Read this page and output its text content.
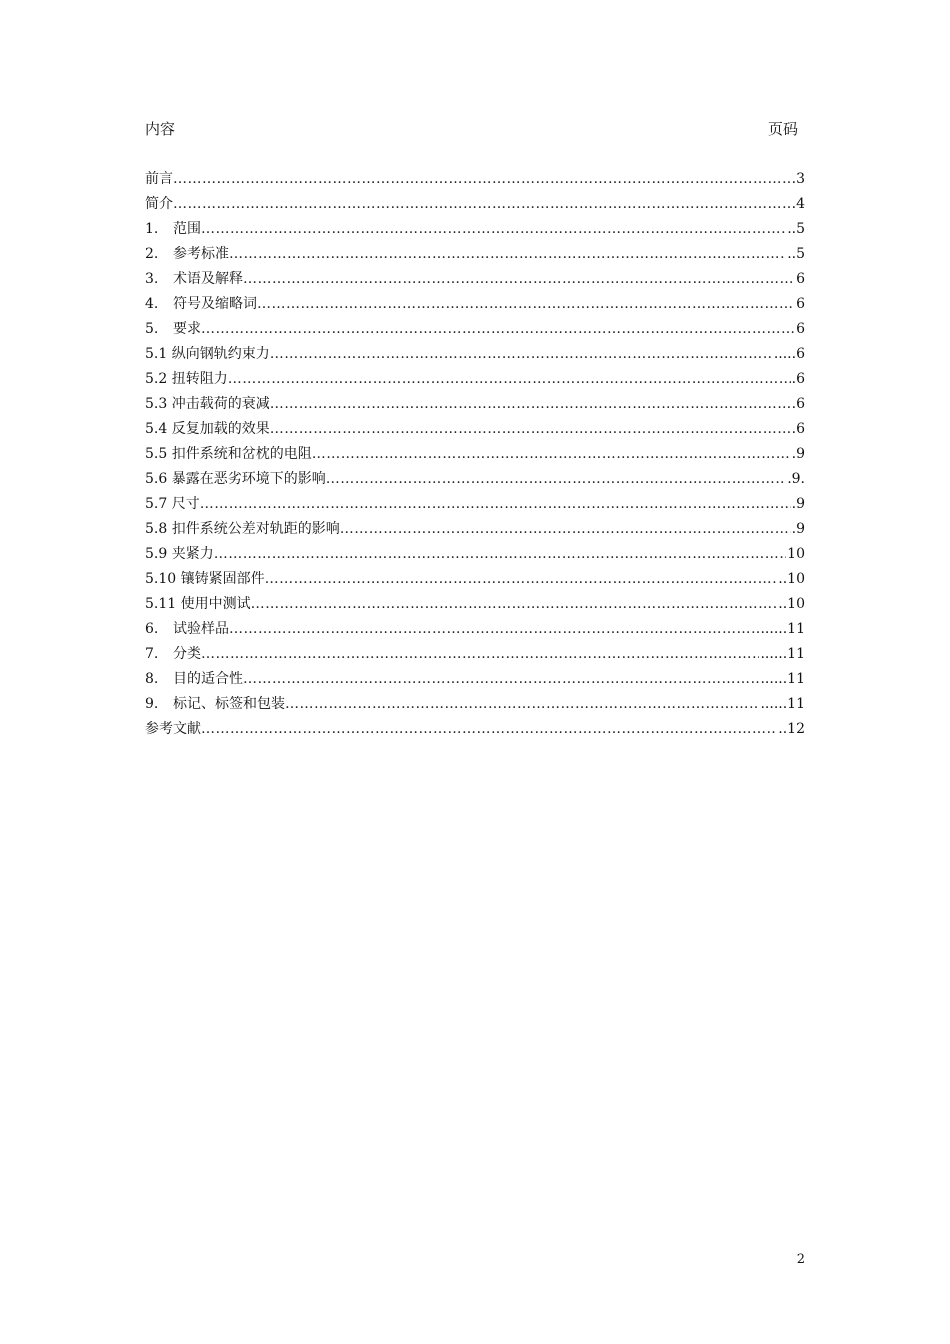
内容	页码
前言 ……………………………………………………………………………………………………………………………………………………………………………………………………………………………………	.3
简介 ……………………………………………………………………………………………………………………………………………………………………………………………………………………………………	.4
1. 范围 ……………………………………………………………………………………………………………………………………………………………………………………………………………………………………	..5
2. 参考标准 ……………………………………………………………………………………………………………………………………………………………………………………………………………………………………	..5
3. 术语及解释 ……………………………………………………………………………………………………………………………………………………………………………………………………………………………………	6
4. 符号及缩略词 ……………………………………………………………………………………………………………………………………………………………………………………………………………………………………	6
5. 要求 ……………………………………………………………………………………………………………………………………………………………………………………………………………………………………	6
5.1 纵向钢轨约束力 ……………………………………………………………………………………………………………………………………………………………………………………………………………………………………	.....6
5.2 扭转阻力 ……………………………………………………………………………………………………………………………………………………………………………………………………………………………………	.6
5.3 冲击载荷的衰减 ……………………………………………………………………………………………………………………………………………………………………………………………………………………………………	.6
5.4 反复加载的效果 ……………………………………………………………………………………………………………………………………………………………………………………………………………………………………	.6
5.5 扣件系统和岔枕的电阻 ……………………………………………………………………………………………………………………………………………………………………………………………………………………………………	.9
5.6 暴露在恶劣环境下的影响 ……………………………………………………………………………………………………………………………………………………………………………………………………………………………………	.9.
5.7 尺寸 ……………………………………………………………………………………………………………………………………………………………………………………………………………………………………	.9
5.8 扣件系统公差对轨距的影响 ……………………………………………………………………………………………………………………………………………………………………………………………………………………………………	.9
5.9 夹紧力 ……………………………………………………………………………………………………………………………………………………………………………………………………………………………………	10
5.10 镶铸紧固部件 ……………………………………………………………………………………………………………………………………………………………………………………………………………………………………	..10
5.11 使用中测试 ……………………………………………………………………………………………………………………………………………………………………………………………………………………………………	..10
6. 试验样品 ……………………………………………………………………………………………………………………………………………………………………………………………………………………………………	......11
7. 分类 ……………………………………………………………………………………………………………………………………………………………………………………………………………………………………	......11
8. 目的适合性 ……………………………………………………………………………………………………………………………………………………………………………………………………………………………………	......11
9. 标记、标签和包装 ……………………………………………………………………………………………………………………………………………………………………………………………………………………………………	......11
参考文献 ……………………………………………………………………………………………………………………………………………………………………………………………………………………………………	..12
2
